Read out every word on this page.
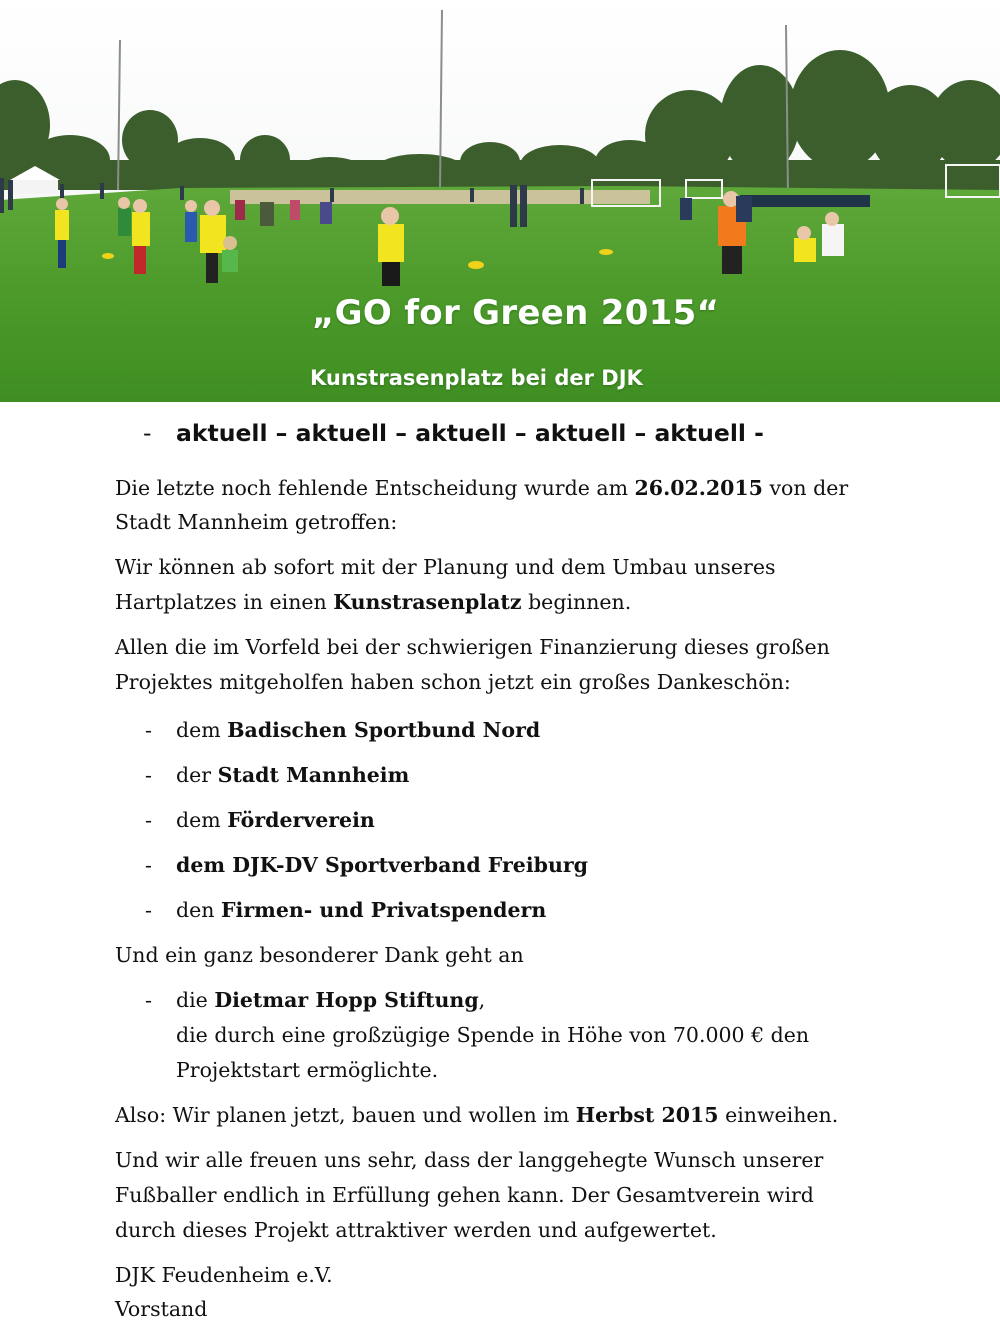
„GO for Green 2015“
Kunstrasenplatz bei der DJK

- aktuell – aktuell – aktuell – aktuell – aktuell -

Die letzte noch fehlende Entscheidung wurde am 26.02.2015 von der

Stadt Mannheim getroffen:

Wir können ab sofort mit der Planung und dem Umbau unseres

Hartplatzes in einen Kunstrasenplatz beginnen.

Allen die im Vorfeld bei der schwierigen Finanzierung dieses großen

Projektes mitgeholfen haben schon jetzt ein großes Dankeschön:

- dem Badischen Sportbund Nord

- der Stadt Mannheim

- dem Förderverein

- dem DJK-DV Sportverband Freiburg

- den Firmen- und Privatspendern

Und ein ganz besonderer Dank geht an

- die Dietmar Hopp Stiftung,

die durch eine großzügige Spende in Höhe von 70.000 € den

Projektstart ermöglichte.

Also: Wir planen jetzt, bauen und wollen im Herbst 2015 einweihen.

Und wir alle freuen uns sehr, dass der langgehegte Wunsch unserer

Fußballer endlich in Erfüllung gehen kann. Der Gesamtverein wird

durch dieses Projekt attraktiver werden und aufgewertet.

DJK Feudenheim e.V.

Vorstand
